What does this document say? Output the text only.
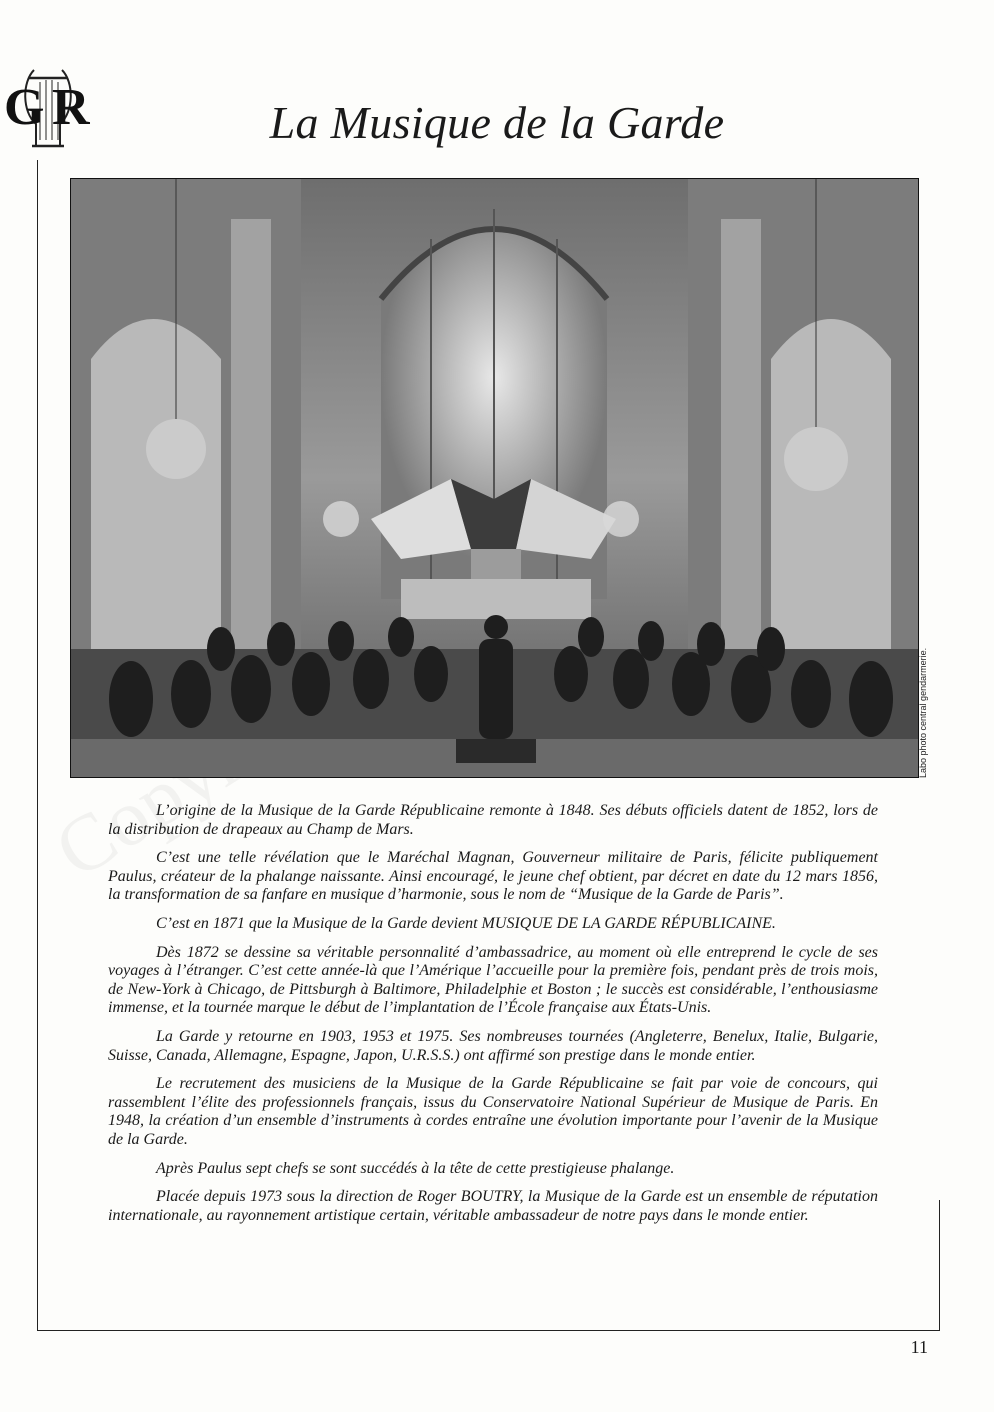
G R	La Musique de la Garde
Labo photo central gendarmerie.

L’origine de la Musique de la Garde Républicaine remonte à 1848. Ses débuts officiels datent de 1852, lors de la distribution de drapeaux au Champ de Mars.

C’est une telle révélation que le Maréchal Magnan, Gouverneur militaire de Paris, félicite publiquement Paulus, créateur de la phalange naissante. Ainsi encouragé, le jeune chef obtient, par décret en date du 12 mars 1856, la transformation de sa fanfare en musique d’harmonie, sous le nom de “Musique de la Garde de Paris”.

C’est en 1871 que la Musique de la Garde devient MUSIQUE DE LA GARDE RÉPUBLICAINE.

Dès 1872 se dessine sa véritable personnalité d’ambassadrice, au moment où elle entreprend le cycle de ses voyages à l’étranger. C’est cette année-là que l’Amérique l’accueille pour la première fois, pendant près de trois mois, de New-York à Chicago, de Pittsburgh à Baltimore, Philadelphie et Boston ; le succès est considérable, l’enthousiasme immense, et la tournée marque le début de l’implantation de l’École française aux États-Unis.

La Garde y retourne en 1903, 1953 et 1975. Ses nombreuses tournées (Angleterre, Benelux, Italie, Bulgarie, Suisse, Canada, Allemagne, Espagne, Japon, U.R.S.S.) ont affirmé son prestige dans le monde entier.

Le recrutement des musiciens de la Musique de la Garde Républicaine se fait par voie de concours, qui rassemblent l’élite des professionnels français, issus du Conservatoire National Supérieur de Musique de Paris. En 1948, la création d’un ensemble d’instruments à cordes entraîne une évolution importante pour l’avenir de la Musique de la Garde.

Après Paulus sept chefs se sont succédés à la tête de cette prestigieuse phalange.

Placée depuis 1973 sous la direction de Roger BOUTRY, la Musique de la Garde est un ensemble de réputation internationale, au rayonnement artistique certain, véritable ambassadeur de notre pays dans le monde entier.

11
